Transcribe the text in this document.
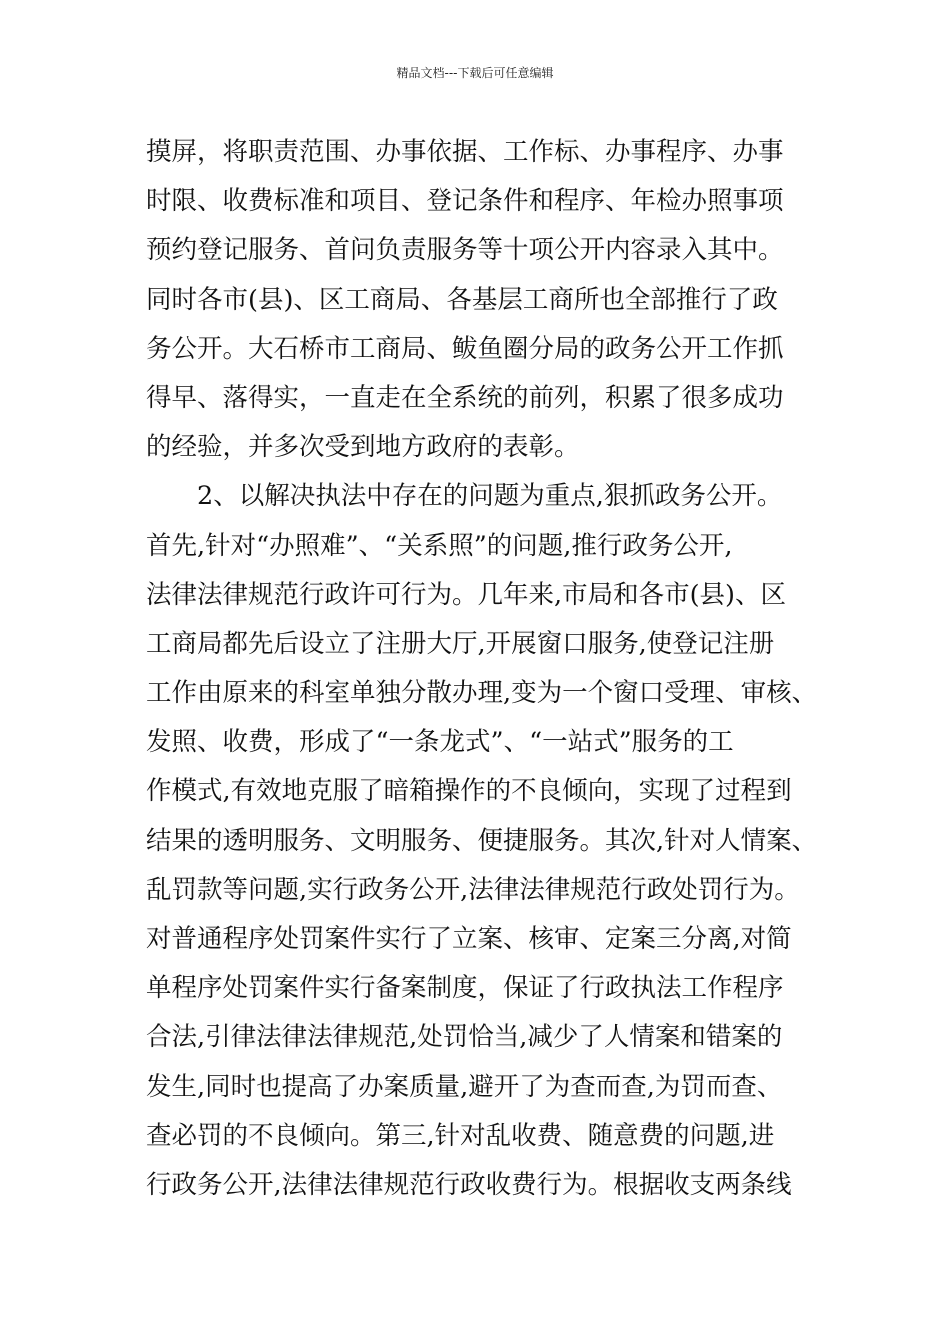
精品文档---下载后可任意编辑
摸屏，将职责范围、办事依据、工作标、办事程序、办事
时限、收费标准和项目、登记条件和程序、年检办照事项
预约登记服务、首问负责服务等十项公开内容录入其中。
同时各市(县)、区工商局、各基层工商所也全部推行了政
务公开。大石桥市工商局、鲅鱼圈分局的政务公开工作抓
得早、落得实，一直走在全系统的前列，积累了很多成功
的经验，并多次受到地方政府的表彰。
　　2、以解决执法中存在的问题为重点,狠抓政务公开。
首先,针对“办照难”、“关系照”的问题,推行政务公开,
法律法律规范行政许可行为。几年来,市局和各市(县)、区
工商局都先后设立了注册大厅,开展窗口服务,使登记注册
工作由原来的科室单独分散办理,变为一个窗口受理、审核、
发照、收费，形成了“一条龙式”、“一站式”服务的工
作模式,有效地克服了暗箱操作的不良倾向，实现了过程到
结果的透明服务、文明服务、便捷服务。其次,针对人情案、
乱罚款等问题,实行政务公开,法律法律规范行政处罚行为。
对普通程序处罚案件实行了立案、核审、定案三分离,对简
单程序处罚案件实行备案制度，保证了行政执法工作程序
合法,引律法律法律规范,处罚恰当,减少了人情案和错案的
发生,同时也提高了办案质量,避开了为查而查,为罚而查、
查必罚的不良倾向。第三,针对乱收费、随意费的问题,进
行政务公开,法律法律规范行政收费行为。根据收支两条线
